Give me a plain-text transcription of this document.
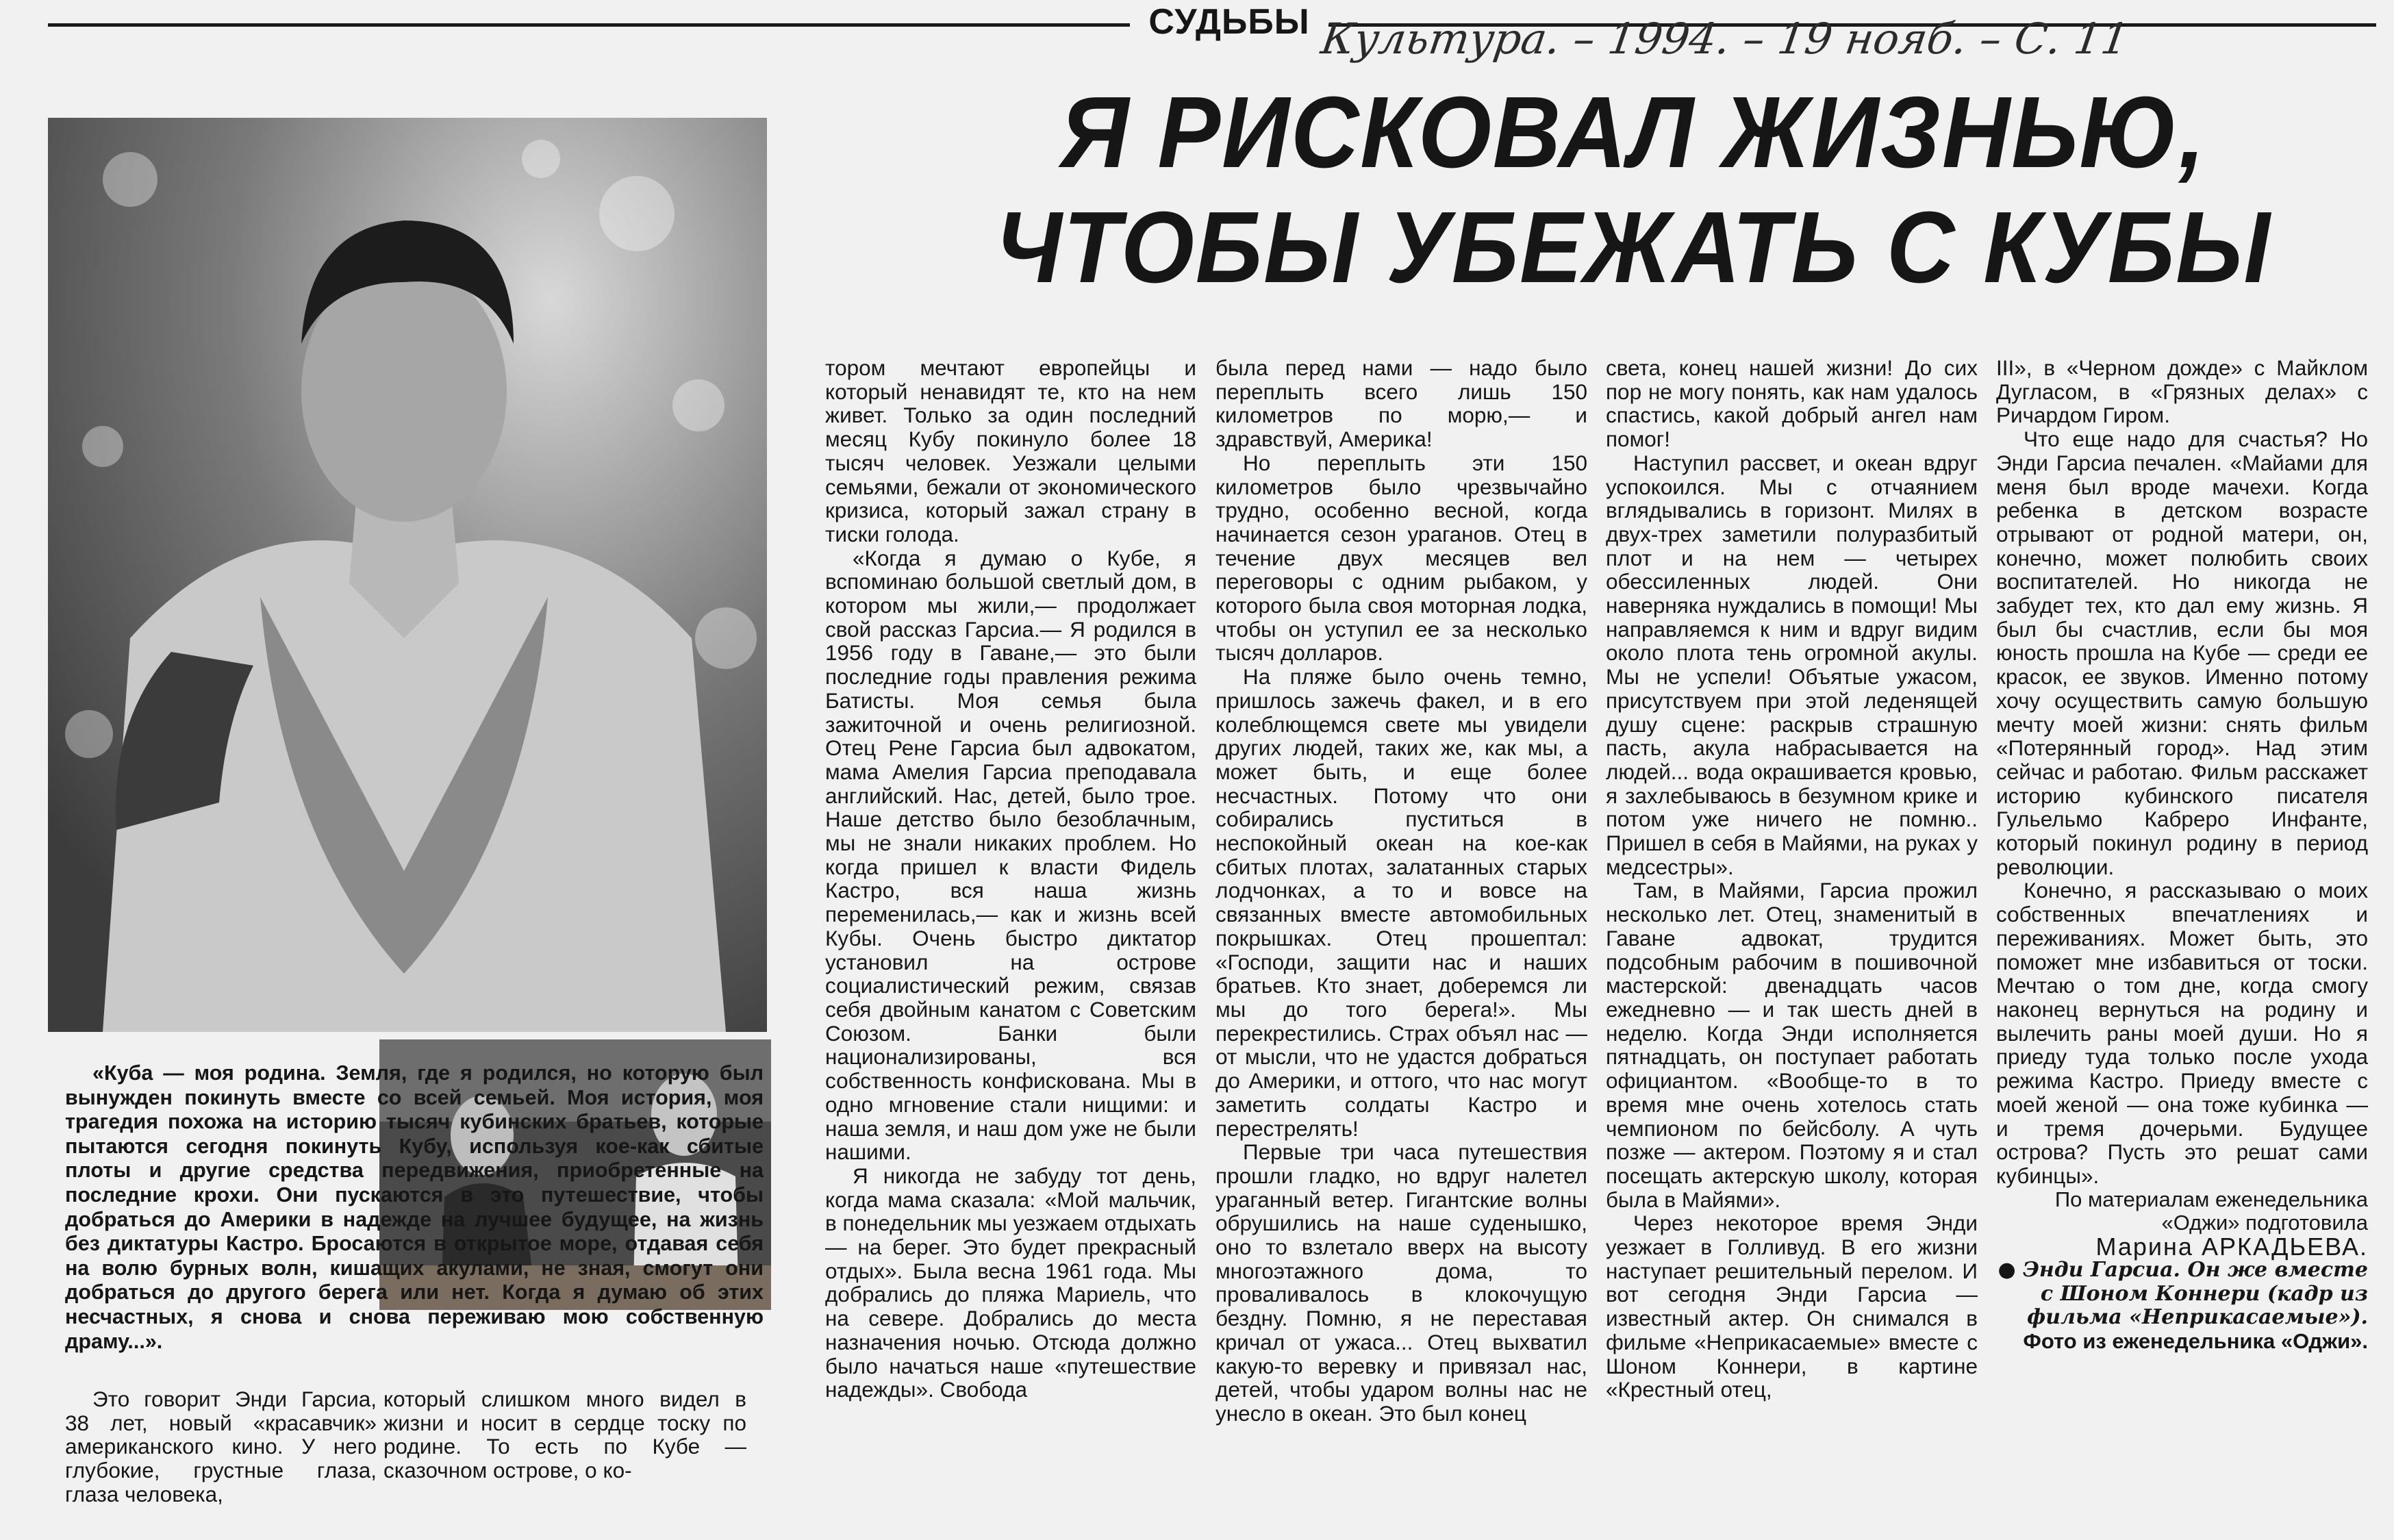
СУДЬБЫ Культура. – 1994. – 19 нояб. – С. 11
Я РИСКОВАЛ ЖИЗНЬЮ,
ЧТОБЫ УБЕЖАТЬ С КУБЫ

«Куба — моя родина. Земля, где я родился, но которую был вынужден покинуть вместе со всей семьей. Моя история, моя трагедия похожа на историю тысяч кубинских братьев, которые пытаются сегодня покинуть Кубу, используя кое-как сбитые плоты и другие средства передвижения, приобретенные на последние крохи. Они пускаются в это путешествие, чтобы добраться до Америки в надежде на лучшее будущее, на жизнь без диктатуры Кастро. Бросаются в открытое море, отдавая себя на волю бурных волн, кишащих акулами, не зная, смогут они добраться до другого берега или нет. Когда я думаю об этих несчастных, я снова и снова переживаю мою собственную драму...».

Это говорит Энди Гарсиа, 38 лет, новый «красавчик» американского кино. У него глубокие, грустные глаза, глаза человека,

который слишком много видел в жизни и носит в сердце тоску по родине. То есть по Кубе — сказочном острове, о ко-

тором мечтают европейцы и который ненавидят те, кто на нем живет. Только за один последний месяц Кубу покинуло более 18 тысяч человек. Уезжали целыми семьями, бежали от экономического кризиса, который зажал страну в тиски голода.

«Когда я думаю о Кубе, я вспоминаю большой светлый дом, в котором мы жили,— продолжает свой рассказ Гарсиа.— Я родился в 1956 году в Гаване,— это были последние годы правления режима Батисты. Моя семья была зажиточной и очень религиозной. Отец Рене Гарсиа был адвокатом, мама Амелия Гарсиа преподавала английский. Нас, детей, было трое. Наше детство было безоблачным, мы не знали никаких проблем. Но когда пришел к власти Фидель Кастро, вся наша жизнь переменилась,— как и жизнь всей Кубы. Очень быстро диктатор установил на острове социалистический режим, связав себя двойным канатом с Советским Союзом. Банки были национализированы, вся собственность конфискована. Мы в одно мгновение стали нищими: и наша земля, и наш дом уже не были нашими.

Я никогда не забуду тот день, когда мама сказала: «Мой мальчик, в понедельник мы уезжаем отдыхать — на берег. Это будет прекрасный отдых». Была весна 1961 года. Мы добрались до пляжа Мариель, что на севере. Добрались до места назначения ночью. Отсюда должно было начаться наше «путешествие надежды». Свобода

была перед нами — надо было переплыть всего лишь 150 километров по морю,— и здравствуй, Америка!

Но переплыть эти 150 километров было чрезвычайно трудно, особенно весной, когда начинается сезон ураганов. Отец в течение двух месяцев вел переговоры с одним рыбаком, у которого была своя моторная лодка, чтобы он уступил ее за несколько тысяч долларов.

На пляже было очень темно, пришлось зажечь факел, и в его колеблющемся свете мы увидели других людей, таких же, как мы, а может быть, и еще более несчастных. Потому что они собирались пуститься в неспокойный океан на кое-как сбитых плотах, залатанных старых лодчонках, а то и вовсе на связанных вместе автомобильных покрышках. Отец прошептал: «Господи, защити нас и наших братьев. Кто знает, доберемся ли мы до того берега!». Мы перекрестились. Страх объял нас — от мысли, что не удастся добраться до Америки, и оттого, что нас могут заметить солдаты Кастро и перестрелять!

Первые три часа путешествия прошли гладко, но вдруг налетел ураганный ветер. Гигантские волны обрушились на наше суденышко, оно то взлетало вверх на высоту многоэтажного дома, то проваливалось в клокочущую бездну. Помню, я не переставая кричал от ужаса... Отец выхватил какую-то веревку и привязал нас, детей, чтобы ударом волны нас не унесло в океан. Это был конец

света, конец нашей жизни! До сих пор не могу понять, как нам удалось спастись, какой добрый ангел нам помог!

Наступил рассвет, и океан вдруг успокоился. Мы с отчаянием вглядывались в горизонт. Милях в двух-трех заметили полуразбитый плот и на нем — четырех обессиленных людей. Они наверняка нуждались в помощи! Мы направляемся к ним и вдруг видим около плота тень огромной акулы. Мы не успели! Объятые ужасом, присутствуем при этой леденящей душу сцене: раскрыв страшную пасть, акула набрасывается на людей... вода окрашивается кровью, я захлебываюсь в безумном крике и потом уже ничего не помню.. Пришел в себя в Майями, на руках у медсестры».

Там, в Майями, Гарсиа прожил несколько лет. Отец, знаменитый в Гаване адвокат, трудится подсобным рабочим в пошивочной мастерской: двенадцать часов ежедневно — и так шесть дней в неделю. Когда Энди исполняется пятнадцать, он поступает работать официантом. «Вообще-то в то время мне очень хотелось стать чемпионом по бейсболу. А чуть позже — актером. Поэтому я и стал посещать актерскую школу, которая была в Майями».

Через некоторое время Энди уезжает в Голливуд. В его жизни наступает решительный перелом. И вот сегодня Энди Гарсиа — известный актер. Он снимался в фильме «Неприкасаемые» вместе с Шоном Коннери, в картине «Крестный отец,

III», в «Черном дожде» с Майклом Дугласом, в «Грязных делах» с Ричардом Гиром.

Что еще надо для счастья? Но Энди Гарсиа печален. «Майами для меня был вроде мачехи. Когда ребенка в детском возрасте отрывают от родной матери, он, конечно, может полюбить своих воспитателей. Но никогда не забудет тех, кто дал ему жизнь. Я был бы счастлив, если бы моя юность прошла на Кубе — среди ее красок, ее звуков. Именно потому хочу осуществить самую большую мечту моей жизни: снять фильм «Потерянный город». Над этим сейчас и работаю. Фильм расскажет историю кубинского писателя Гульельмо Кабреро Инфанте, который покинул родину в период революции.

Конечно, я рассказываю о моих собственных впечатлениях и переживаниях. Может быть, это поможет мне избавиться от тоски. Мечтаю о том дне, когда смогу наконец вернуться на родину и вылечить раны моей души. Но я приеду туда только после ухода режима Кастро. Приеду вместе с моей женой — она тоже кубинка — и тремя дочерьми. Будущее острова? Пусть это решат сами кубинцы».

По материалам еженедельника «Оджи» подготовила

Марина АРКАДЬЕВА.

● Энди Гарсиа. Он же вместе с Шоном Коннери (кадр из фильма «Неприкасаемые»).

Фото из еженедельника «Оджи».
